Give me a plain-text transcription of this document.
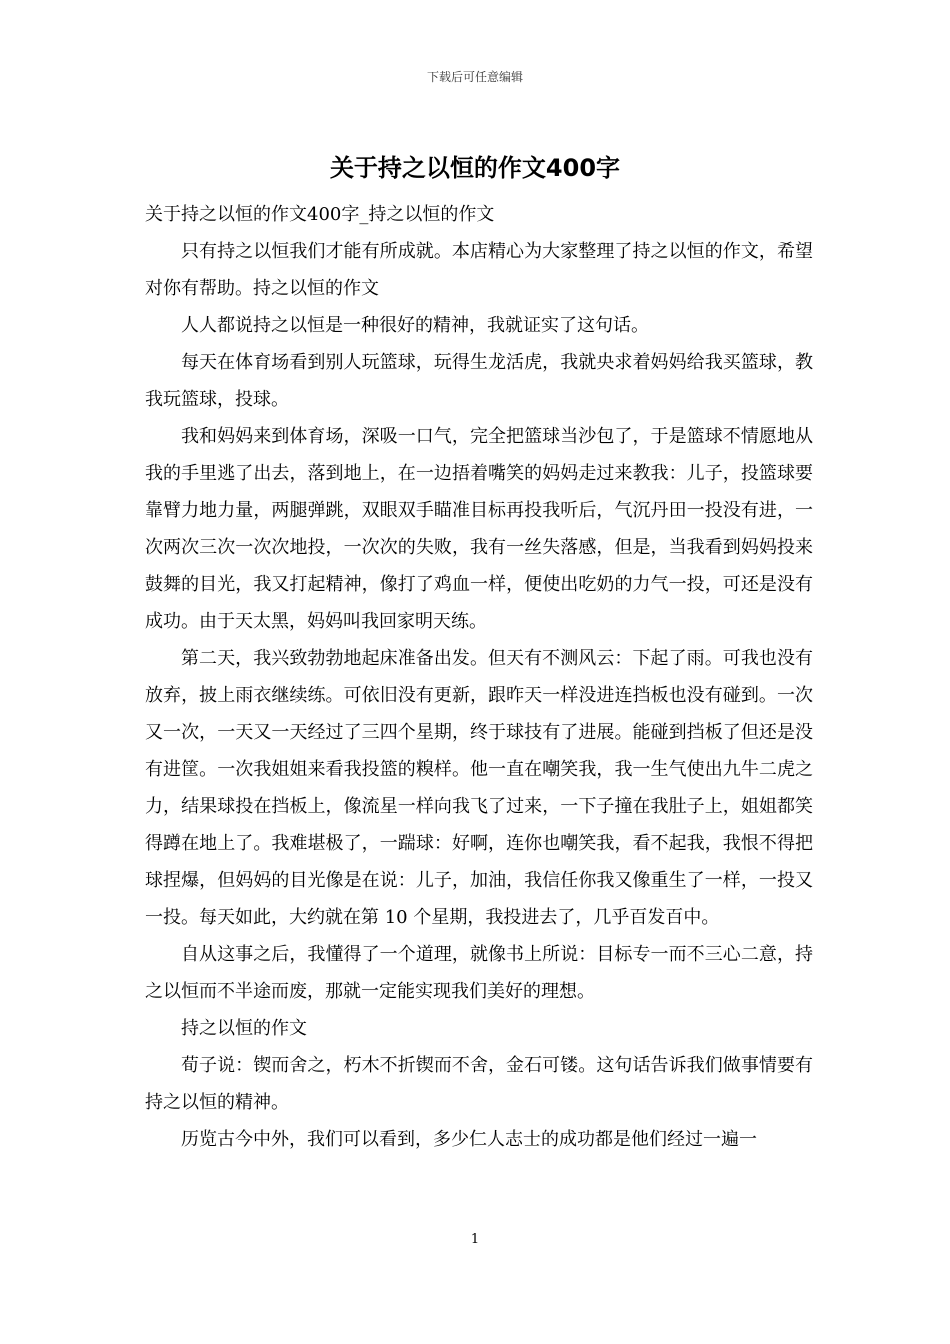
下载后可任意编辑
关于持之以恒的作文400字

关于持之以恒的作文400字_持之以恒的作文

只有持之以恒我们才能有所成就。本店精心为大家整理了持之以恒的作文，希望对你有帮助。持之以恒的作文

人人都说持之以恒是一种很好的精神，我就证实了这句话。

每天在体育场看到别人玩篮球，玩得生龙活虎，我就央求着妈妈给我买篮球，教我玩篮球，投球。

我和妈妈来到体育场，深吸一口气，完全把篮球当沙包了，于是篮球不情愿地从我的手里逃了出去，落到地上，在一边捂着嘴笑的妈妈走过来教我：儿子，投篮球要靠臂力地力量，两腿弹跳，双眼双手瞄准目标再投我听后，气沉丹田一投没有进，一次两次三次一次次地投，一次次的失败，我有一丝失落感，但是，当我看到妈妈投来鼓舞的目光，我又打起精神，像打了鸡血一样，便使出吃奶的力气一投，可还是没有成功。由于天太黑，妈妈叫我回家明天练。

第二天，我兴致勃勃地起床准备出发。但天有不测风云：下起了雨。可我也没有放弃，披上雨衣继续练。可依旧没有更新，跟昨天一样没进连挡板也没有碰到。一次又一次，一天又一天经过了三四个星期，终于球技有了进展。能碰到挡板了但还是没有进筐。一次我姐姐来看我投篮的糗样。他一直在嘲笑我，我一生气使出九牛二虎之力，结果球投在挡板上，像流星一样向我飞了过来，一下子撞在我肚子上，姐姐都笑得蹲在地上了。我难堪极了，一踹球：好啊，连你也嘲笑我，看不起我，我恨不得把球捏爆，但妈妈的目光像是在说：儿子，加油，我信任你我又像重生了一样，一投又一投。每天如此，大约就在第 10 个星期，我投进去了，几乎百发百中。

自从这事之后，我懂得了一个道理，就像书上所说：目标专一而不三心二意，持之以恒而不半途而废，那就一定能实现我们美好的理想。

持之以恒的作文

荀子说：锲而舍之，朽木不折锲而不舍，金石可镂。这句话告诉我们做事情要有持之以恒的精神。

历览古今中外，我们可以看到，多少仁人志士的成功都是他们经过一遍一

1
